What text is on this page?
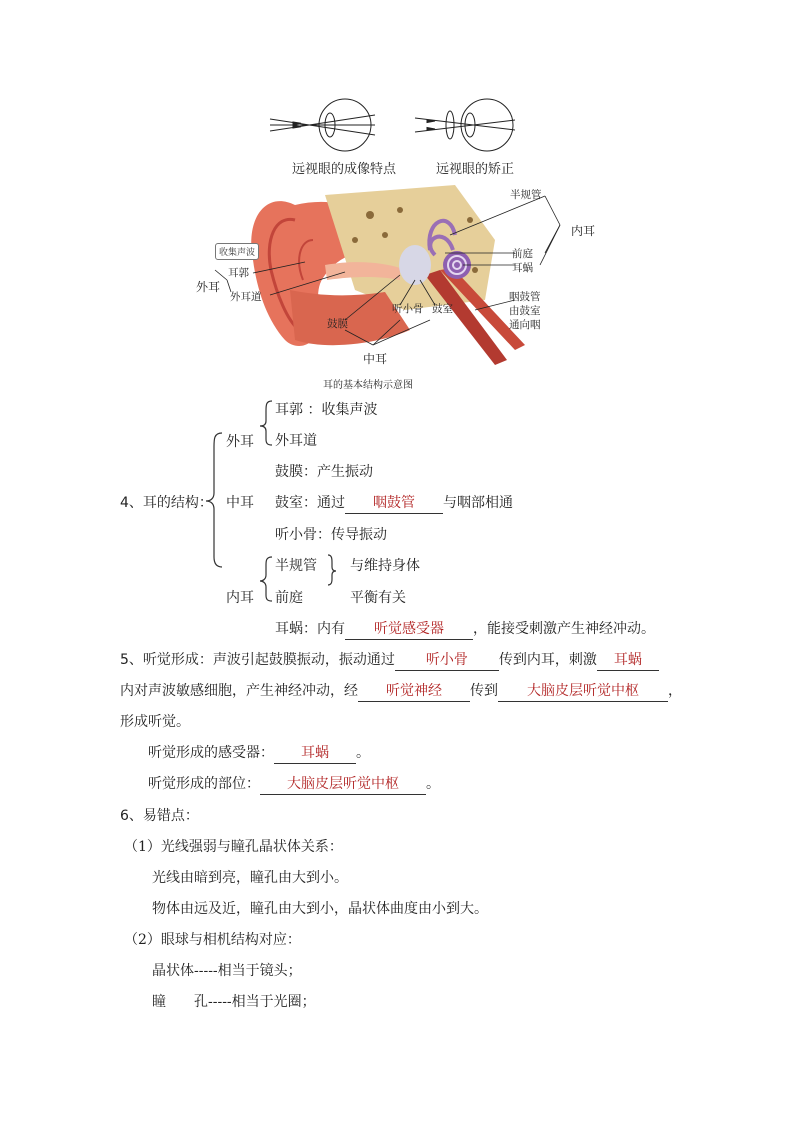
远视眼的成像特点	远视眼的矫正
收集声波
外耳
耳郭
外耳道
半规管
内耳
前庭
耳蜗
听小骨 鼓室
鼓膜
咽鼓管
由鼓室
通向咽
中耳
耳的基本结构示意图
4、耳的结构：
外耳
耳郭 ：收集声波
外耳道
中耳
鼓膜：产生振动
鼓室：通过 咽鼓管 与咽部相通
听小骨：传导振动
内耳
半规管
前庭
与维持身体
平衡有关
耳蜗：内有 听觉感受器 ，能接受刺激产生神经冲动。
5、听觉形成：声波引起鼓膜振动，振动通过 听小骨 传到内耳，刺激 耳蜗
内对声波敏感细胞，产生神经冲动，经 听觉神经 传到 大脑皮层听觉中枢 ，
形成听觉。
听觉形成的感受器： 耳蜗 。
听觉形成的部位： 大脑皮层听觉中枢 。
6、易错点：
（1）光线强弱与瞳孔晶状体关系：
光线由暗到亮，瞳孔由大到小。
物体由远及近，瞳孔由大到小，晶状体曲度由小到大。
（2）眼球与相机结构对应：
晶状体-----相当于镜头；
瞳 孔-----相当于光圈；
